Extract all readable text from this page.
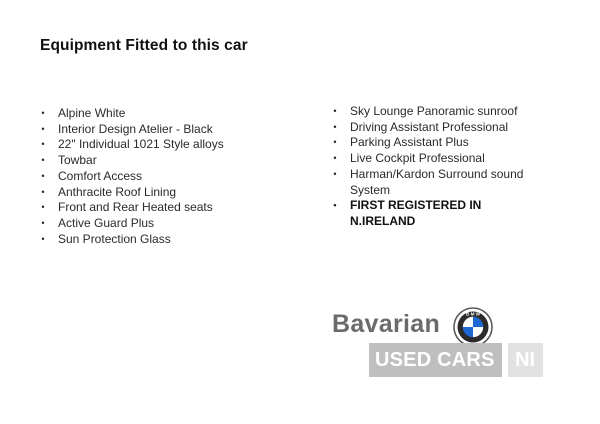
Equipment Fitted to this car
• Alpine White
• Interior Design Atelier - Black
• 22" Individual 1021 Style alloys
• Towbar
• Comfort Access
• Anthracite Roof Lining
• Front and Rear Heated seats
• Active Guard Plus
• Sun Protection Glass
• Sky Lounge Panoramic sunroof
• Driving Assistant Professional
• Parking Assistant Plus
• Live Cockpit Professional
• Harman/Kardon Surround sound System
• FIRST REGISTERED IN N.IRELAND
Bavarian	B M W
USED CARS	NI
